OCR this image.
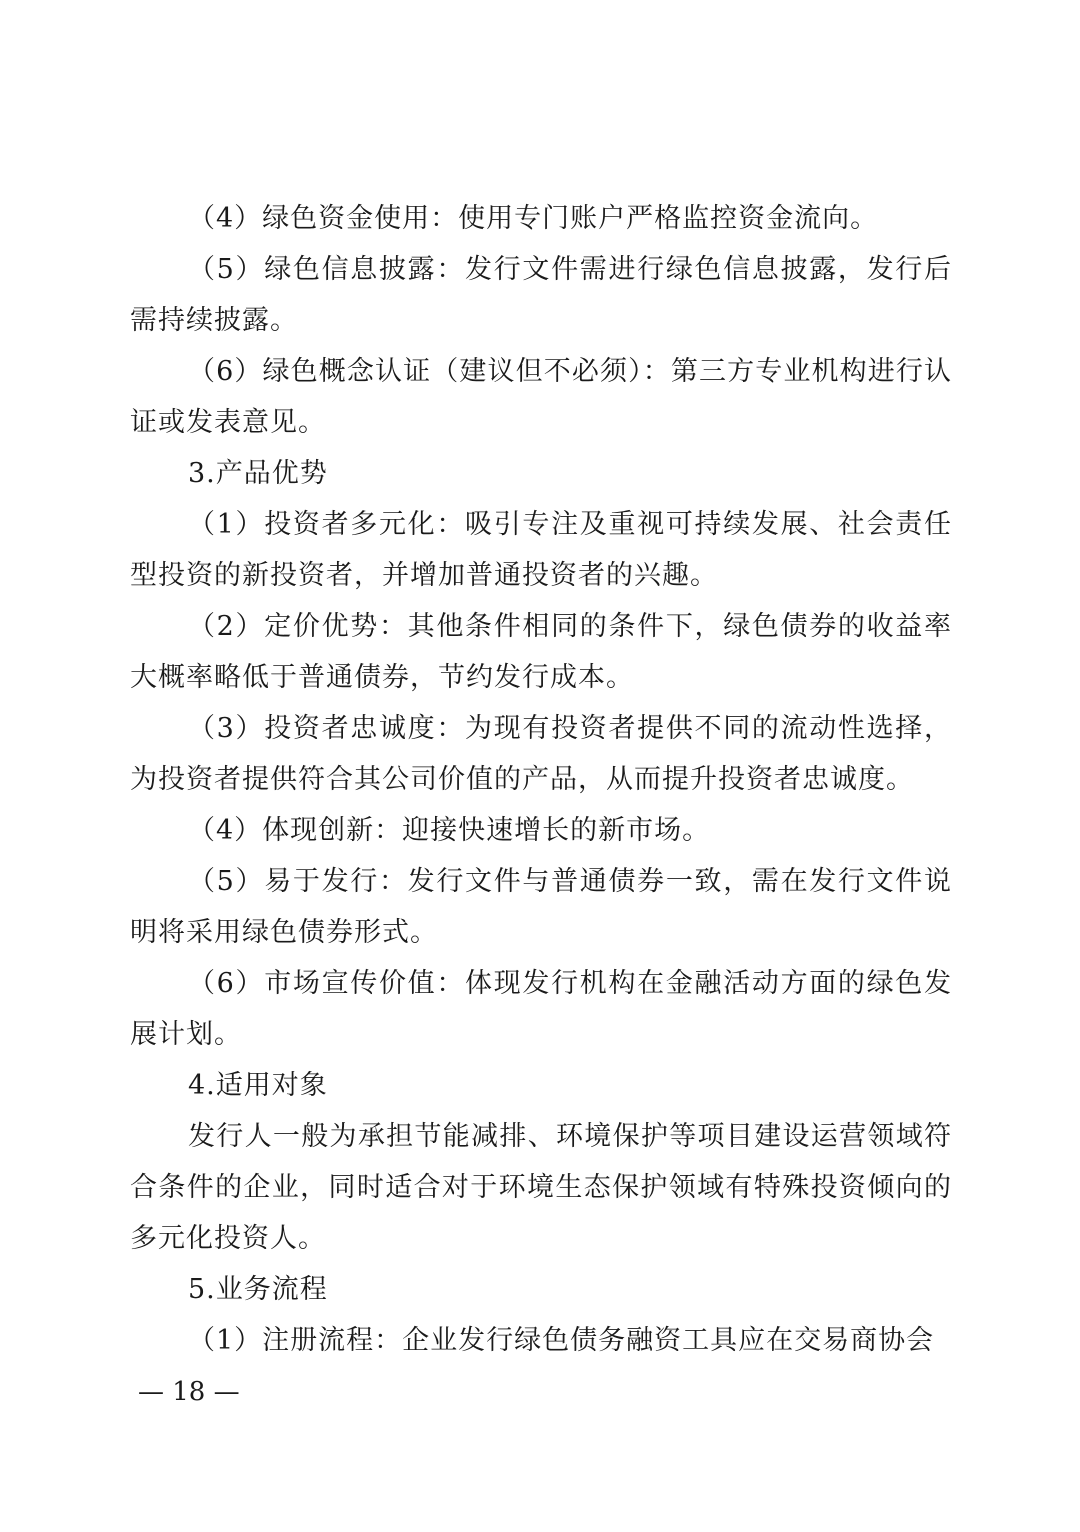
（4）绿色资金使用：使用专门账户严格监控资金流向。

（5）绿色信息披露：发行文件需进行绿色信息披露，发行后需持续披露。

（6）绿色概念认证（建议但不必须）：第三方专业机构进行认证或发表意见。

3.产品优势

（1）投资者多元化：吸引专注及重视可持续发展、社会责任型投资的新投资者，并增加普通投资者的兴趣。

（2）定价优势：其他条件相同的条件下，绿色债券的收益率大概率略低于普通债券，节约发行成本。

（3）投资者忠诚度：为现有投资者提供不同的流动性选择，为投资者提供符合其公司价值的产品，从而提升投资者忠诚度。

（4）体现创新：迎接快速增长的新市场。

（5）易于发行：发行文件与普通债券一致，需在发行文件说明将采用绿色债券形式。

（6）市场宣传价值：体现发行机构在金融活动方面的绿色发展计划。

4.适用对象

发行人一般为承担节能减排、环境保护等项目建设运营领域符合条件的企业，同时适合对于环境生态保护领域有特殊投资倾向的多元化投资人。

5.业务流程

（1）注册流程：企业发行绿色债务融资工具应在交易商协会

— 18 —
